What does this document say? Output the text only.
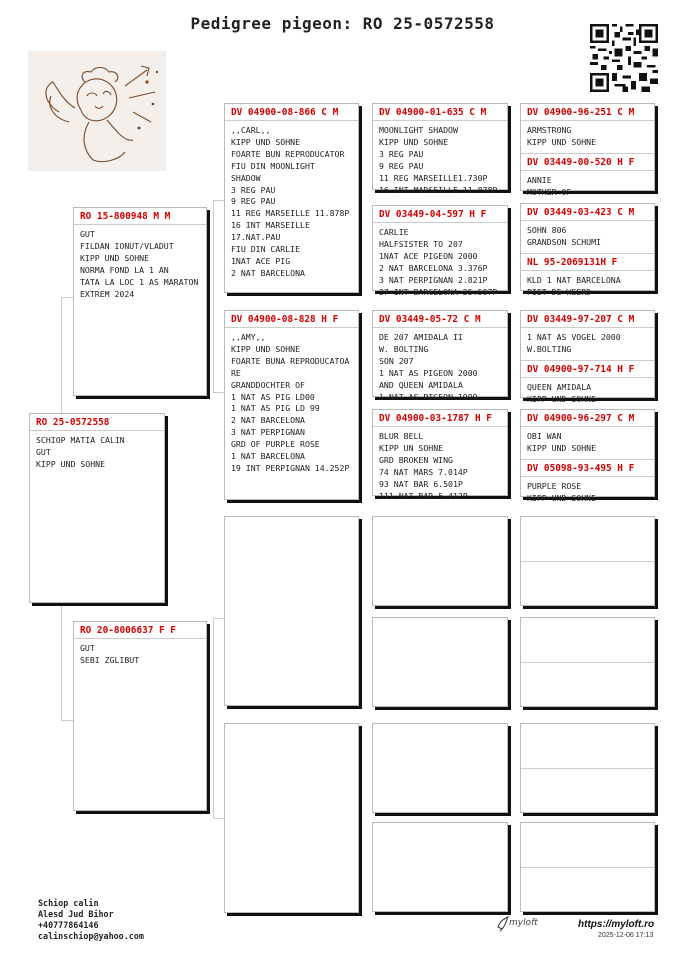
Pedigree pigeon: RO 25-0572558
RO 25-0572558
SCHIOP MATIA CALIN
GUT
KIPP UND SOHNE
RO 15-800948 M M
GUT
FILDAN IONUT/VLADUT
KIPP UND SOHNE
NORMA FOND LA 1 AN
TATA LA LOC 1 AS MARATON
EXTREM 2024
RO 20-8006637 F F
GUT
SEBI ZGLIBUT
DV 04900-08-866 C M
,,CARL,,
KIPP UND SOHNE
FOARTE BUN REPRODUCATOR
FIU DIN MOONLIGHT
SHADOW
3 REG PAU
9 REG PAU
11 REG MARSEILLE 11.878P
16 INT MARSEILLE
17.NAT.PAU
FIU DIN CARLIE
1NAT ACE PIG
2 NAT BARCELONA
DV 04900-08-828 H F
,,AMY,,
KIPP UND SOHNE
FOARTE BUNA REPRODUCATOA
RE
GRANDDOCHTER OF
1 NAT AS PIG LD00
1 NAT AS PIG LD 99
2 NAT BARCELONA
3 NAT PERPIGNAN
GRD OF PURPLE ROSE
1 NAT BARCELONA
19 INT PERPIGNAN 14.252P
DV 04900-01-635 C M
MOONLIGHT SHADOW
KIPP UND SOHNE
3 REG PAU
9 REG PAU
11 REG MARSEILLE1.730P
16 INT MARSEILLE 11.878P
DV 03449-04-597 H F
CARLIE
HALFSISTER TO 207
1NAT ACE PIGEON 2000
2 NAT BARCELONA 3.376P
3 NAT PERPIGNAN 2.821P
27 INT BARCELONA 25.597P
DV 03449-05-72 C M
DE 207 AMIDALA II
W. BOLTING
SON 207
1 NAT AS PIGEON 2000
AND QUEEN AMIDALA
1 NAT AS PIGEON 1999
DV 04900-03-1787 H F
BLUR BELL
KIPP UN SOHNE
GRD BROKEN WING
74 NAT MARS 7.014P
93 NAT BAR 6.501P
111 NAT BAR 5.412P
DV 04900-96-251 C M
ARMSTRONG
KIPP UND SOHNE
DV 03449-00-520 H F
ANNIE
MOTHER OF
DV 03449-03-423 C M
SOHN 806
GRANDSON SCHUMI
NL 95-2069131H F
KLD 1 NAT BARCELONA
PIET DE WEERD
DV 03449-97-207 C M
1 NAT AS VOGEL 2000
W.BOLTING
DV 04900-97-714 H F
QUEEN AMIDALA
KIPP UND SOHNE
DV 04900-96-297 C M
OBI WAN
KIPP UND SOHNE
DV 05098-93-495 H F
PURPLE ROSE
KIPP UND SOHNE
Schiop calin
Alesd Jud Bihor
+40777864146
calinschiop@yahoo.com
myloft	https://myloft.ro
2025-12-06 17:13
